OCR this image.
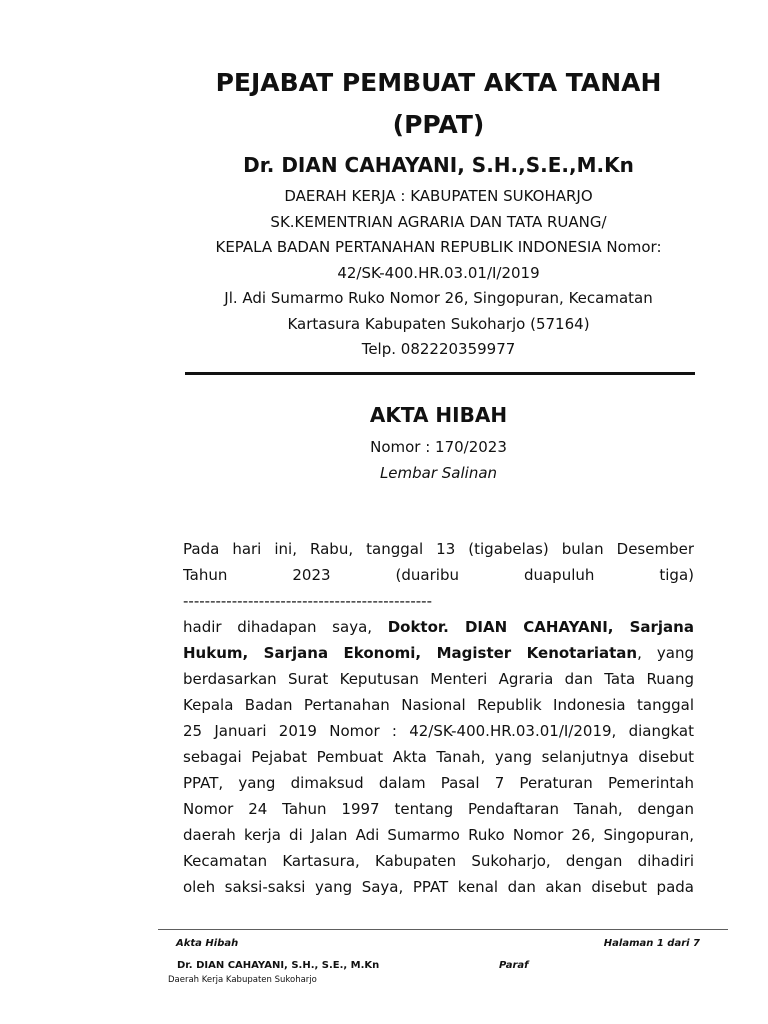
PEJABAT PEMBUAT AKTA TANAH
(PPAT)
Dr. DIAN CAHAYANI, S.H.,S.E.,M.Kn
DAERAH KERJA : KABUPATEN SUKOHARJO
SK.KEMENTRIAN AGRARIA DAN TATA RUANG/
KEPALA BADAN PERTANAHAN REPUBLIK INDONESIA Nomor:
42/SK-400.HR.03.01/I/2019
Jl. Adi Sumarmo Ruko Nomor 26, Singopuran, Kecamatan
Kartasura Kabupaten Sukoharjo (57164)
Telp. 082220359977
AKTA HIBAH
Nomor : 170/2023
Lembar Salinan
Pada hari ini, Rabu, tanggal 13 (tigabelas) bulan Desember
Tahun 2023 (duaribu duapuluh tiga)
----------------------------------------------
hadir dihadapan saya, Doktor. DIAN CAHAYANI, Sarjana
Hukum, Sarjana Ekonomi, Magister Kenotariatan, yang
berdasarkan Surat Keputusan Menteri Agraria dan Tata Ruang
Kepala Badan Pertanahan Nasional Republik Indonesia tanggal
25 Januari 2019 Nomor : 42/SK-400.HR.03.01/I/2019, diangkat
sebagai Pejabat Pembuat Akta Tanah, yang selanjutnya disebut
PPAT, yang dimaksud dalam Pasal 7 Peraturan Pemerintah
Nomor 24 Tahun 1997 tentang Pendaftaran Tanah, dengan
daerah kerja di Jalan Adi Sumarmo Ruko Nomor 26, Singopuran,
Kecamatan Kartasura, Kabupaten Sukoharjo, dengan dihadiri
oleh saksi-saksi yang Saya, PPAT kenal dan akan disebut pada
Akta Hibah	Halaman 1 dari 7
Dr. DIAN CAHAYANI, S.H., S.E., M.Kn	Paraf
Daerah Kerja Kabupaten Sukoharjo
